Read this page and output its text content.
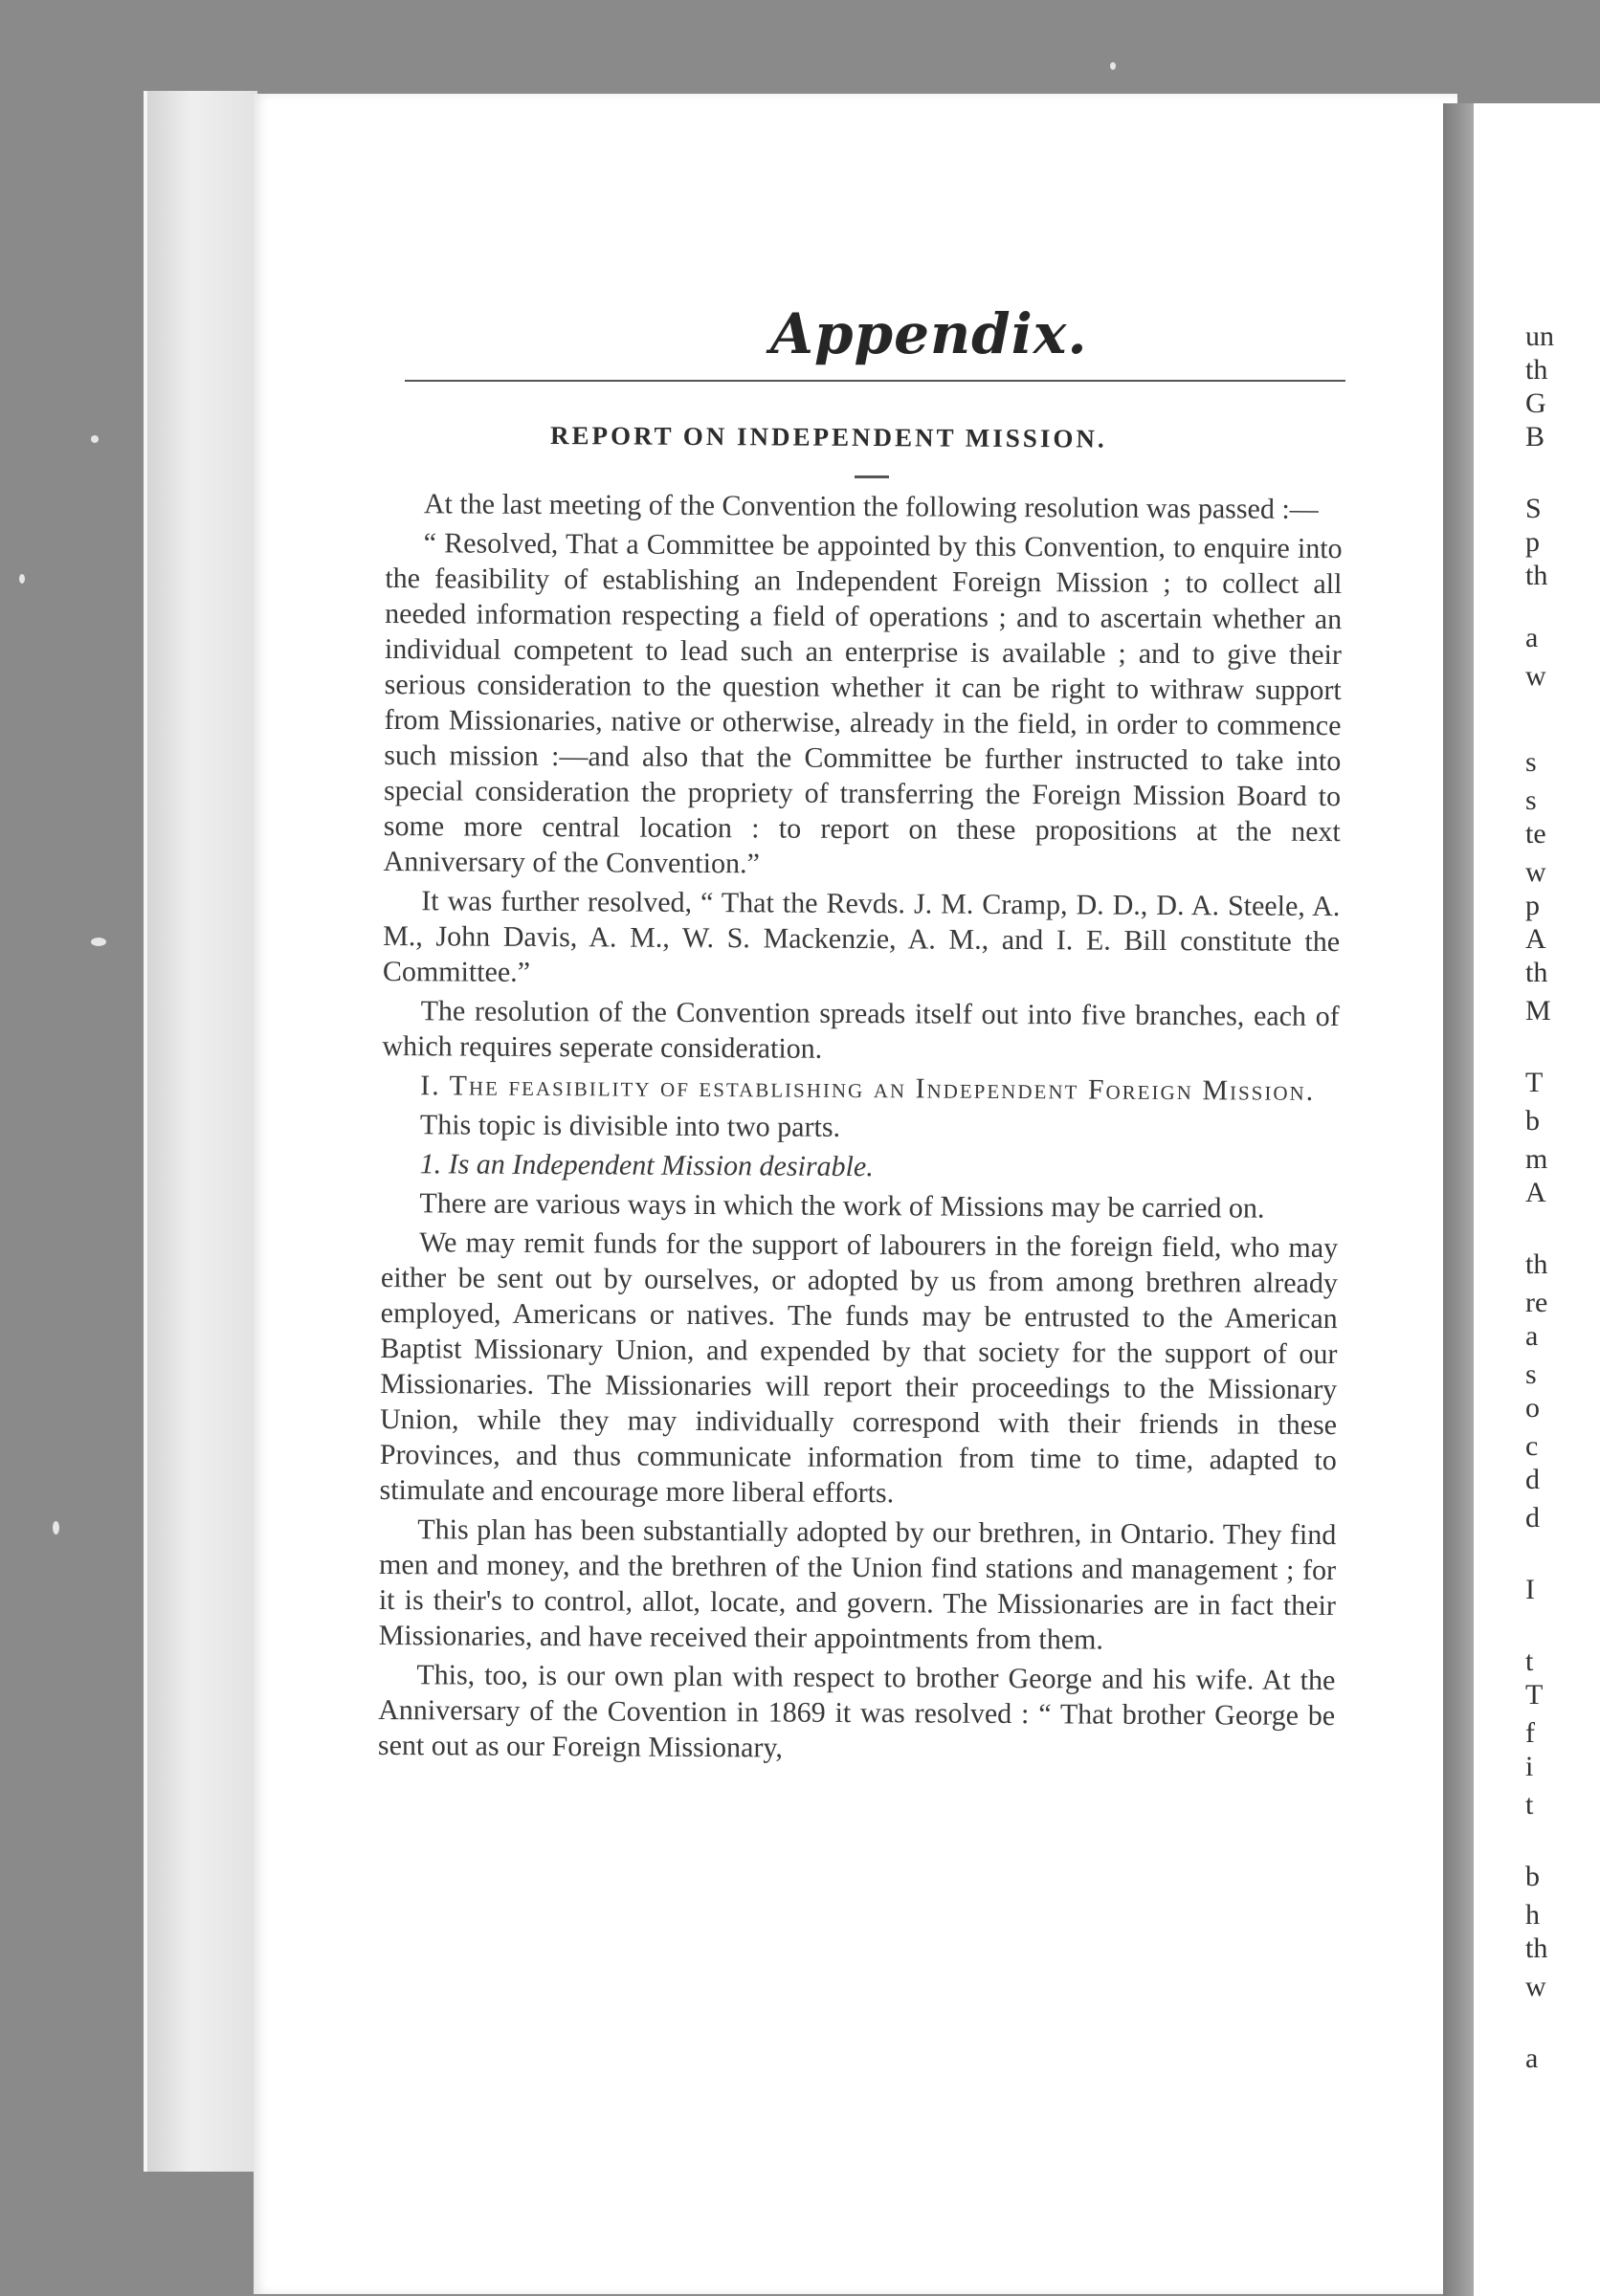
un
th
G
B
S
p
th
a
w
s
s
te
w
p
A
th
M
T
b
m
A
th
re
a
s
o
c
d
d
I
t
T
f
i
t
b
h
th
w
a
Appendix.
REPORT ON INDEPENDENT MISSION.

At the last meeting of the Convention the following resolution was passed :—

“ Resolved, That a Committee be appointed by this Convention, to enquire into the feasibility of establishing an Independent Foreign Mission ; to collect all needed information respecting a field of operations ; and to ascertain whether an individual competent to lead such an enterprise is available ; and to give their serious consideration to the question whether it can be right to withraw support from Missionaries, native or otherwise, already in the field, in order to commence such mission :—and also that the Committee be further instructed to take into special consideration the propriety of transferring the Foreign Mission Board to some more central location : to report on these propositions at the next Anniversary of the Convention.”

It was further resolved, “ That the Revds. J. M. Cramp, D. D., D. A. Steele, A. M., John Davis, A. M., W. S. Mackenzie, A. M., and I. E. Bill constitute the Committee.”

The resolution of the Convention spreads itself out into five branches, each of which requires seperate consideration.

I. The feasibility of establishing an Independent Foreign Mission.

This topic is divisible into two parts.

1. Is an Independent Mission desirable.

There are various ways in which the work of Missions may be carried on.

We may remit funds for the support of labourers in the foreign field, who may either be sent out by ourselves, or adopted by us from among brethren already employed, Americans or natives. The funds may be entrusted to the American Baptist Missionary Union, and expended by that society for the support of our Missionaries. The Missionaries will report their proceedings to the Missionary Union, while they may individually correspond with their friends in these Provinces, and thus communicate information from time to time, adapted to stimulate and encourage more liberal efforts.

This plan has been substantially adopted by our brethren, in Ontario. They find men and money, and the brethren of the Union find stations and management ; for it is their's to control, allot, locate, and govern. The Missionaries are in fact their Missionaries, and have received their appointments from them.

This, too, is our own plan with respect to brother George and his wife. At the Anniversary of the Covention in 1869 it was resolved : “ That brother George be sent out as our Foreign Missionary,
